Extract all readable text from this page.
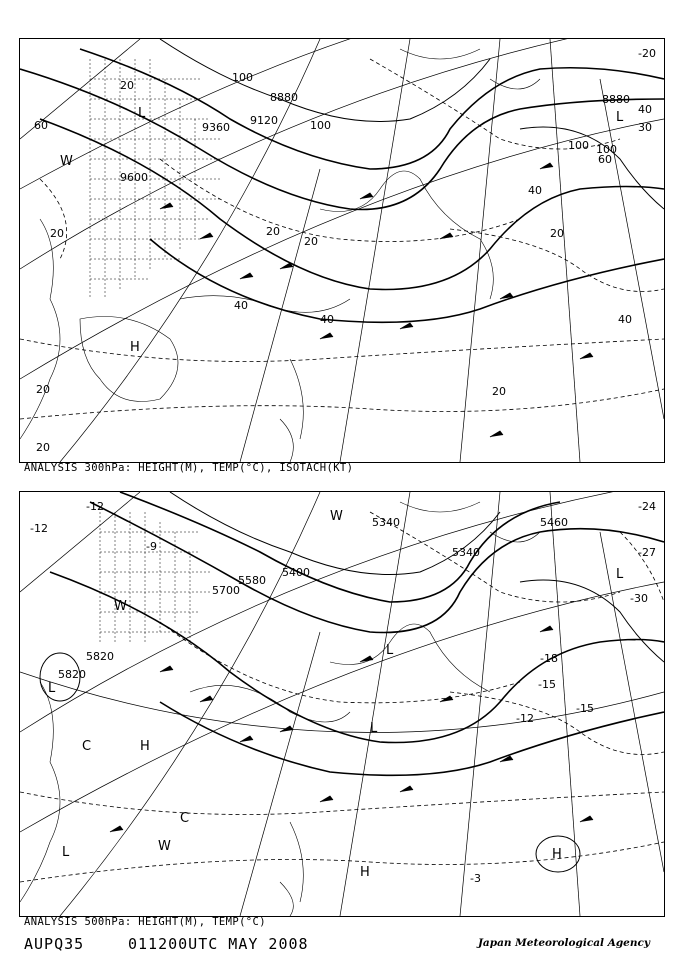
9600
9120
8880	8880
9360
60
100
100
100
60
40
40
20
20
40	40
20
20
20
20
-20
40
30
100
20
20
H
L
W
L
ANALYSIS 300hPa: HEIGHT(M), TEMP(°C), ISOTACH(KT)
5340
5340
5460
5580
5700
5820
5820
5400
-12
-12	-24
-27
-30
-18
-15
-15
-12
-3
-9
L
L
L
C
W
C
L
H
H
W
L
H
W
ANALYSIS 500hPa: HEIGHT(M), TEMP(°C)
AUPQ35	011200UTC MAY 2008	Japan Meteorological Agency
